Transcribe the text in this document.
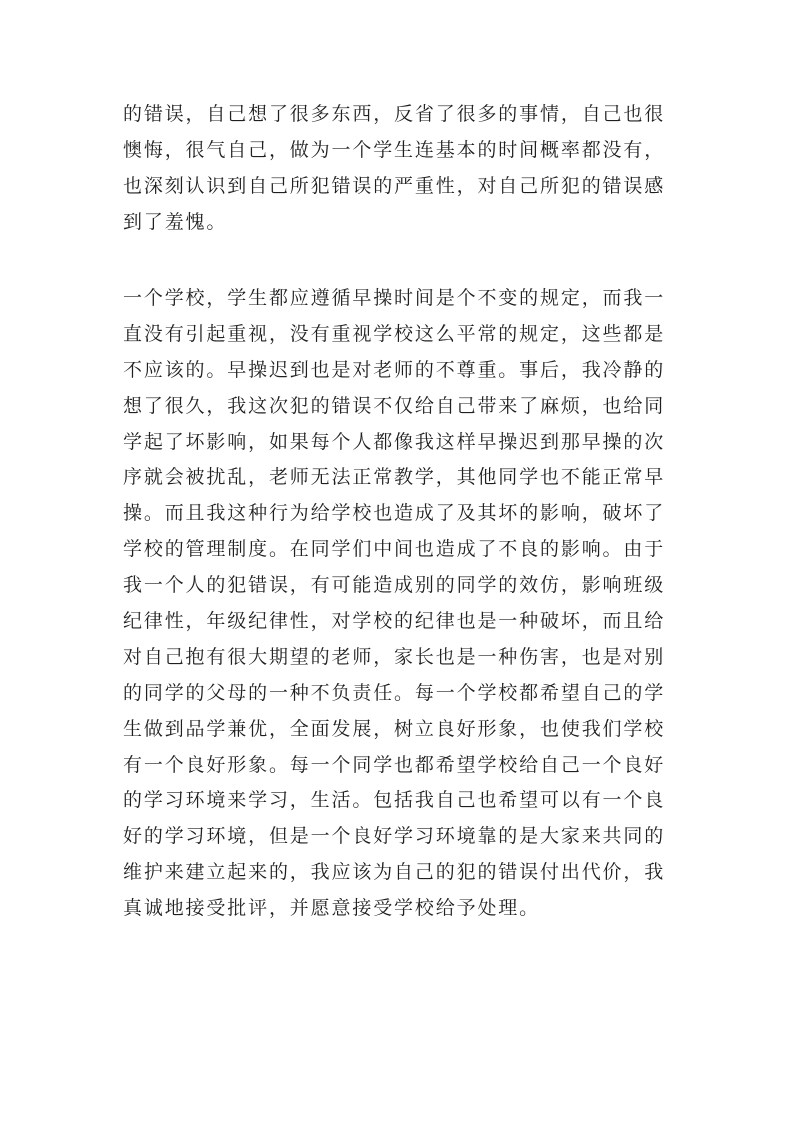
的错误，自己想了很多东西，反省了很多的事情，自己也很
懊悔，很气自己，做为一个学生连基本的时间概率都没有，
也深刻认识到自己所犯错误的严重性，对自己所犯的错误感
到了羞愧。
一个学校，学生都应遵循早操时间是个不变的规定，而我一
直没有引起重视，没有重视学校这么平常的规定，这些都是
不应该的。早操迟到也是对老师的不尊重。事后，我冷静的
想了很久，我这次犯的错误不仅给自己带来了麻烦，也给同
学起了坏影响，如果每个人都像我这样早操迟到那早操的次
序就会被扰乱，老师无法正常教学，其他同学也不能正常早
操。而且我这种行为给学校也造成了及其坏的影响，破坏了
学校的管理制度。在同学们中间也造成了不良的影响。由于
我一个人的犯错误，有可能造成别的同学的效仿，影响班级
纪律性，年级纪律性，对学校的纪律也是一种破坏，而且给
对自己抱有很大期望的老师，家长也是一种伤害，也是对别
的同学的父母的一种不负责任。每一个学校都希望自己的学
生做到品学兼优，全面发展，树立良好形象，也使我们学校
有一个良好形象。每一个同学也都希望学校给自己一个良好
的学习环境来学习，生活。包括我自己也希望可以有一个良
好的学习环境，但是一个良好学习环境靠的是大家来共同的
维护来建立起来的，我应该为自己的犯的错误付出代价，我
真诚地接受批评，并愿意接受学校给予处理。
